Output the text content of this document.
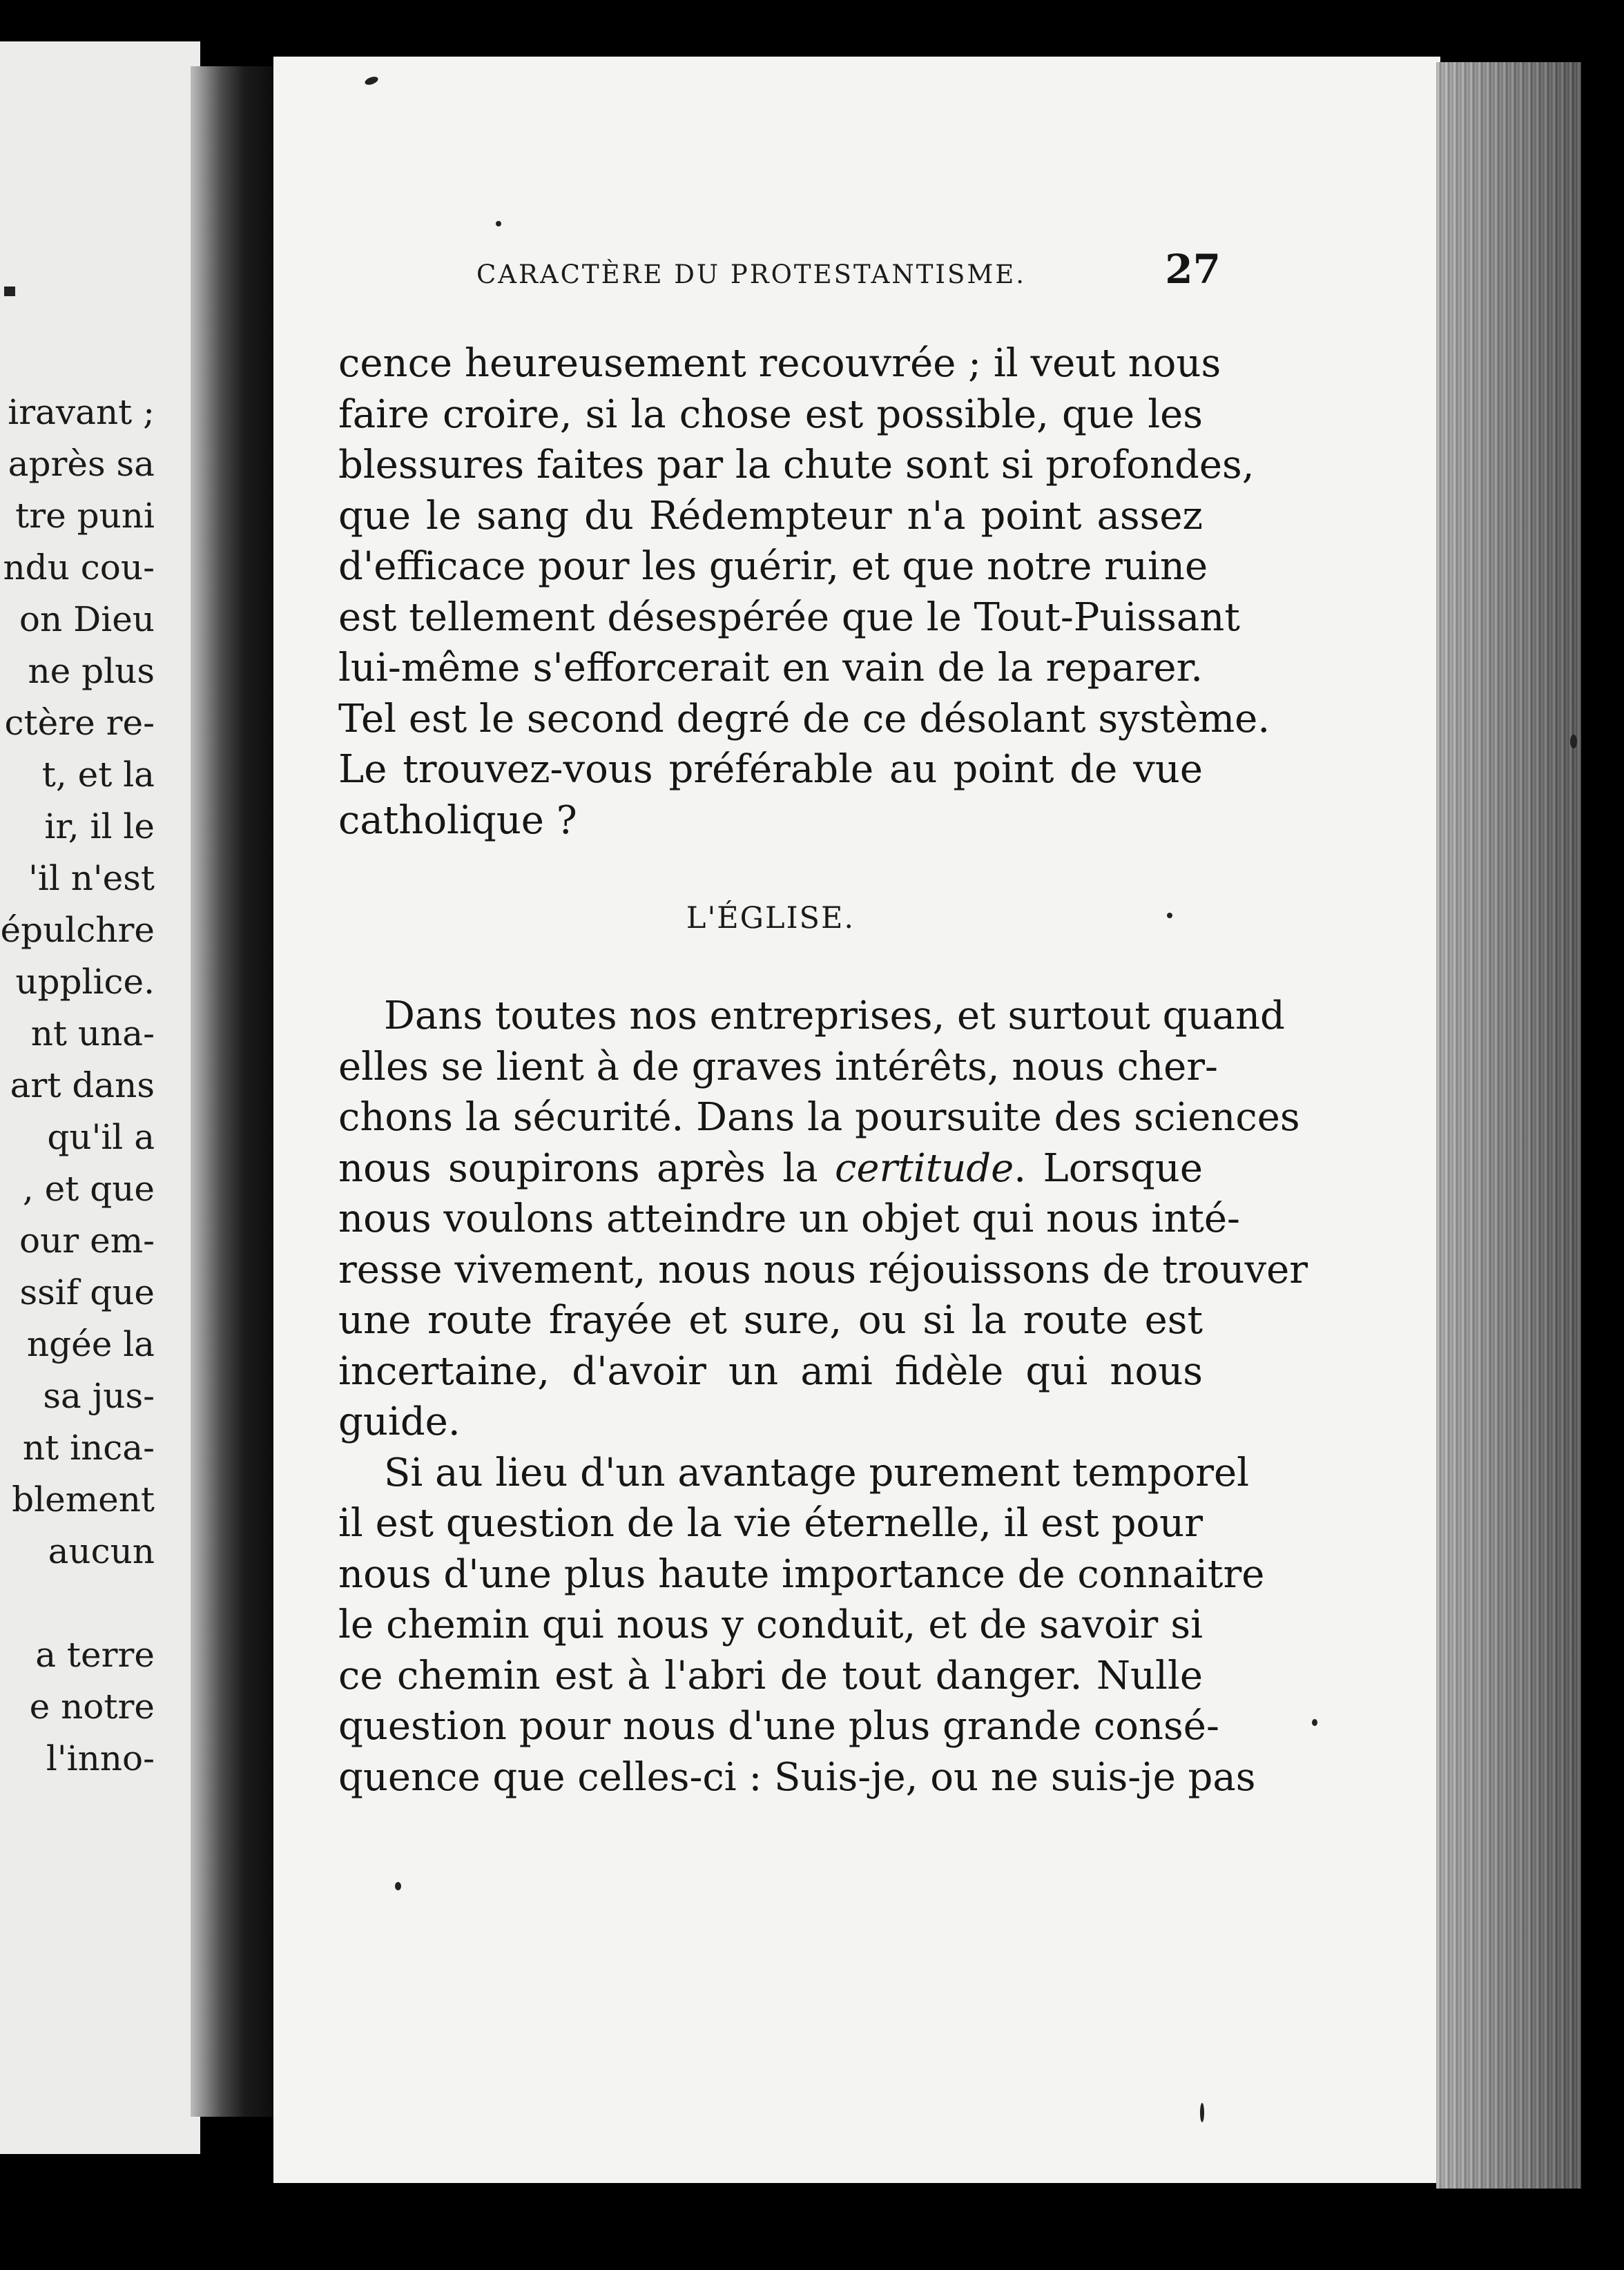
iravant ;
après sa
tre puni
ndu cou-
on Dieu
ne plus
ctère re-
t, et la
ir, il le
'il n'est
épulchre
upplice.
nt una-
art dans
qu'il a
, et que
our em-
ssif que
ngée la
sa jus-
nt inca-
blement
aucun
a terre
e notre
l'inno-
CARACTÈRE DU PROTESTANTISME.	27
cence heureusement recouvrée ; il veut nous
faire croire, si la chose est possible, que les
blessures faites par la chute sont si profondes,
que le sang du Rédempteur n'a point assez
d'efficace pour les guérir, et que notre ruine
est tellement désespérée que le Tout-Puissant
lui-même s'efforcerait en vain de la reparer.
Tel est le second degré de ce désolant système.
Le trouvez-vous préférable au point de vue
catholique ?
L'ÉGLISE.
Dans toutes nos entreprises, et surtout quand
elles se lient à de graves intérêts, nous cher-
chons la sécurité. Dans la poursuite des sciences
nous soupirons après la certitude. Lorsque
nous voulons atteindre un objet qui nous inté-
resse vivement, nous nous réjouissons de trouver
une route frayée et sure, ou si la route est
incertaine, d'avoir un ami fidèle qui nous
guide.
Si au lieu d'un avantage purement temporel
il est question de la vie éternelle, il est pour
nous d'une plus haute importance de connaitre
le chemin qui nous y conduit, et de savoir si
ce chemin est à l'abri de tout danger. Nulle
question pour nous d'une plus grande consé-
quence que celles-ci : Suis-je, ou ne suis-je pas
